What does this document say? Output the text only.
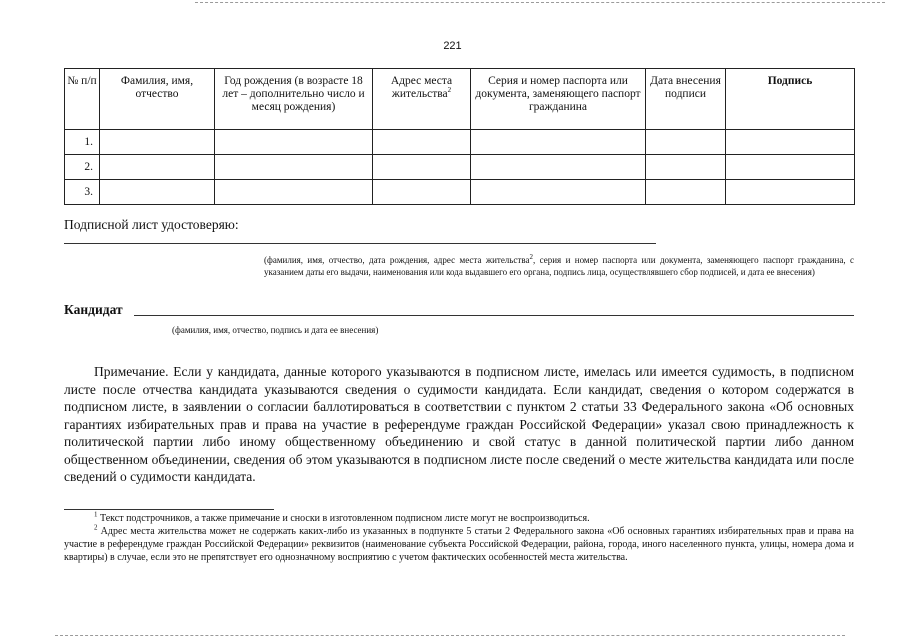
221
№ п/п	Фамилия, имя, отчество	Год рождения (в возрасте 18 лет – дополнительно число и месяц рождения)	Адрес места жительства$^2$	Серия и номер паспорта или документа, заменяющего паспорт гражданина	Дата внесения подписи	Подпись
1.						
2.						
3.						
Подписной лист удостоверяю:
(фамилия, имя, отчество, дата рождения, адрес места жительства$^2$, серия и номер паспорта или документа, заменяющего паспорт гражданина, с указанием даты его выдачи, наименования или кода выдавшего его органа, подпись лица, осуществлявшего сбор подписей, и дата ее внесения)
Кандидат
(фамилия, имя, отчество, подпись и дата ее внесения)
Примечание. Если у кандидата, данные которого указываются в подписном листе, имелась или имеется судимость, в подписном листе после отчества кандидата указываются сведения о судимости кандидата. Если кандидат, сведения о котором содержатся в подписном листе, в заявлении о согласии баллотироваться в соответствии с пунктом 2 статьи 33 Федерального закона «Об основных гарантиях избирательных прав и права на участие в референдуме граждан Российской Федерации» указал свою принадлежность к политической партии либо иному общественному объединению и свой статус в данной политической партии либо данном общественном объединении, сведения об этом указываются в подписном листе после сведений о месте жительства кандидата или после сведений о судимости кандидата.

$^1$ Текст подстрочников, а также примечание и сноски в изготовленном подписном листе могут не воспроизводиться.

$^2$ Адрес места жительства может не содержать каких-либо из указанных в подпункте 5 статьи 2 Федерального закона «Об основных гарантиях избирательных прав и права на участие в референдуме граждан Российской Федерации» реквизитов (наименование субъекта Российской Федерации, района, города, иного населенного пункта, улицы, номера дома и квартиры) в случае, если это не препятствует его однозначному восприятию с учетом фактических особенностей места жительства.
